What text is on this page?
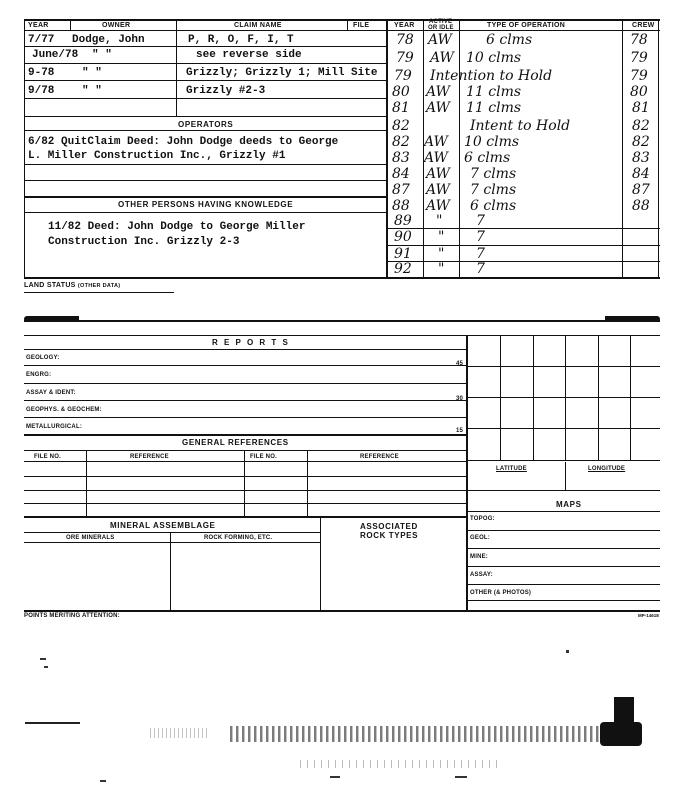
YEAR	OWNER	CLAIM NAME	FILE	YEAR ACTIVE
OR IDLE	TYPE OF OPERATION	CREW
7/77 Dodge, John	P, R, O, F, I, T
June/78 " "	see reverse side
9-78	" "	Grizzly; Grizzly 1; Mill Site
9/78	" "	Grizzly #2-3
OPERATORS
6/82 QuitClaim Deed: John Dodge deeds to George
L. Miller Construction Inc., Grizzly #1
OTHER PERSONS HAVING KNOWLEDGE
11/82 Deed: John Dodge to George Miller
Construction Inc. Grizzly 2-3
78 AW 6 clms	78
79 AW 10 clms	79
79 Intention to Hold	79
80 AW 11 clms	80
81 AW 11 clms	81
82	Intent to Hold	82
82 AW 10 clms	82
83 AW 6 clms	83
84 AW 7 clms	84
87 AW 7 clms	87
88 AW 6 clms	88
89 " 7
90 " 7
91 " 7
92 " 7
LAND STATUS (OTHER DATA)
R E P O R T S
GEOLOGY:
ENGRG:
ASSAY & IDENT:
GEOPHYS. & GEOCHEM:
METALLURGICAL:
45
30
15
LATITUDE	LONGITUDE
GENERAL REFERENCES
FILE NO.	REFERENCE	FILE NO.	REFERENCE
MAPS
TOPOG:
GEOL:
MINE:
ASSAY:
OTHER (& PHOTOS)
MINERAL ASSEMBLAGE
ORE MINERALS	ROCK FORMING, ETC.
ASSOCIATED
ROCK TYPES
POINTS MERITING ATTENTION:	MP-14618
